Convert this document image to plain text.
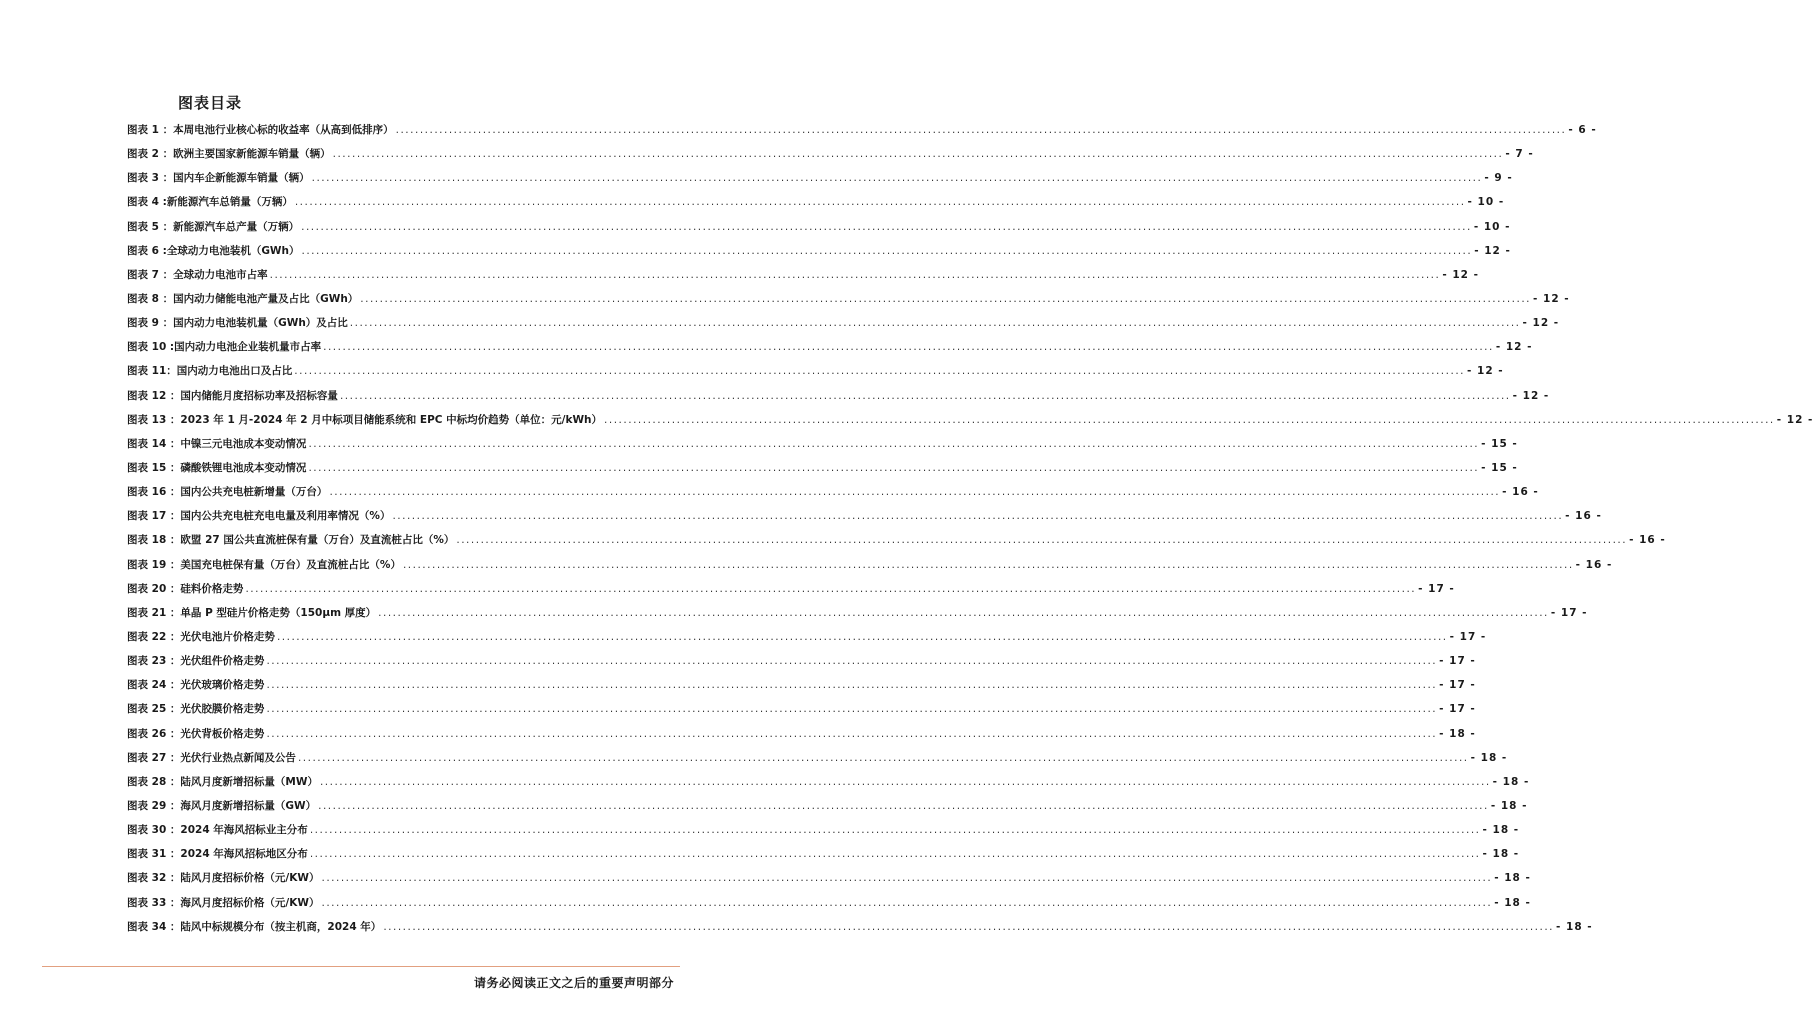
图表目录
图表 1 ：本周电池行业核心标的收益率（从高到低排序） .....	- 6 -
图表 2 ：欧洲主要国家新能源车销量（辆） .....	- 7 -
图表 3 ：国内车企新能源车销量（辆） .....	- 9 -
图表 4 :新能源汽车总销量（万辆） .....	- 10 -
图表 5 ：新能源汽车总产量（万辆） .....	- 10 -
图表 6 :全球动力电池装机（GWh） .....	- 12 -
图表 7 ：全球动力电池市占率 .....	- 12 -
图表 8 ：国内动力储能电池产量及占比（GWh） .....	- 12 -
图表 9 ：国内动力电池装机量（GWh）及占比 .....	- 12 -
图表 10 :国内动力电池企业装机量市占率 .....	- 12 -
图表 11：国内动力电池出口及占比 .....	- 12 -
图表 12 ：国内储能月度招标功率及招标容量 .....	- 12 -
图表 13 ：2023 年 1 月-2024 年 2 月中标项目储能系统和 EPC 中标均价趋势（单位：元/kWh） .....	- 12 -
图表 14 ：中镍三元电池成本变动情况 .....	- 15 -
图表 15 ：磷酸铁锂电池成本变动情况 .....	- 15 -
图表 16 ：国内公共充电桩新增量（万台） .....	- 16 -
图表 17 ：国内公共充电桩充电电量及利用率情况（%） .....	- 16 -
图表 18 ：欧盟 27 国公共直流桩保有量（万台）及直流桩占比（%） .....	- 16 -
图表 19 ：美国充电桩保有量（万台）及直流桩占比（%） .....	- 16 -
图表 20 ：硅料价格走势 .....	- 17 -
图表 21 ：单晶 P 型硅片价格走势（150μm 厚度） .....	- 17 -
图表 22 ：光伏电池片价格走势 .....	- 17 -
图表 23 ：光伏组件价格走势 .....	- 17 -
图表 24 ：光伏玻璃价格走势 .....	- 17 -
图表 25 ：光伏胶膜价格走势 .....	- 17 -
图表 26 ：光伏背板价格走势 .....	- 18 -
图表 27 ：光伏行业热点新闻及公告 .....	- 18 -
图表 28 ：陆风月度新增招标量（MW） .....	- 18 -
图表 29 ：海风月度新增招标量（GW） .....	- 18 -
图表 30 ：2024 年海风招标业主分布 .....	- 18 -
图表 31 ：2024 年海风招标地区分布 .....	- 18 -
图表 32 ：陆风月度招标价格（元/KW） .....	- 18 -
图表 33 ：海风月度招标价格（元/KW） .....	- 18 -
图表 34 ：陆风中标规模分布（按主机商，2024 年） .....	- 18 -
请务必阅读正文之后的重要声明部分
